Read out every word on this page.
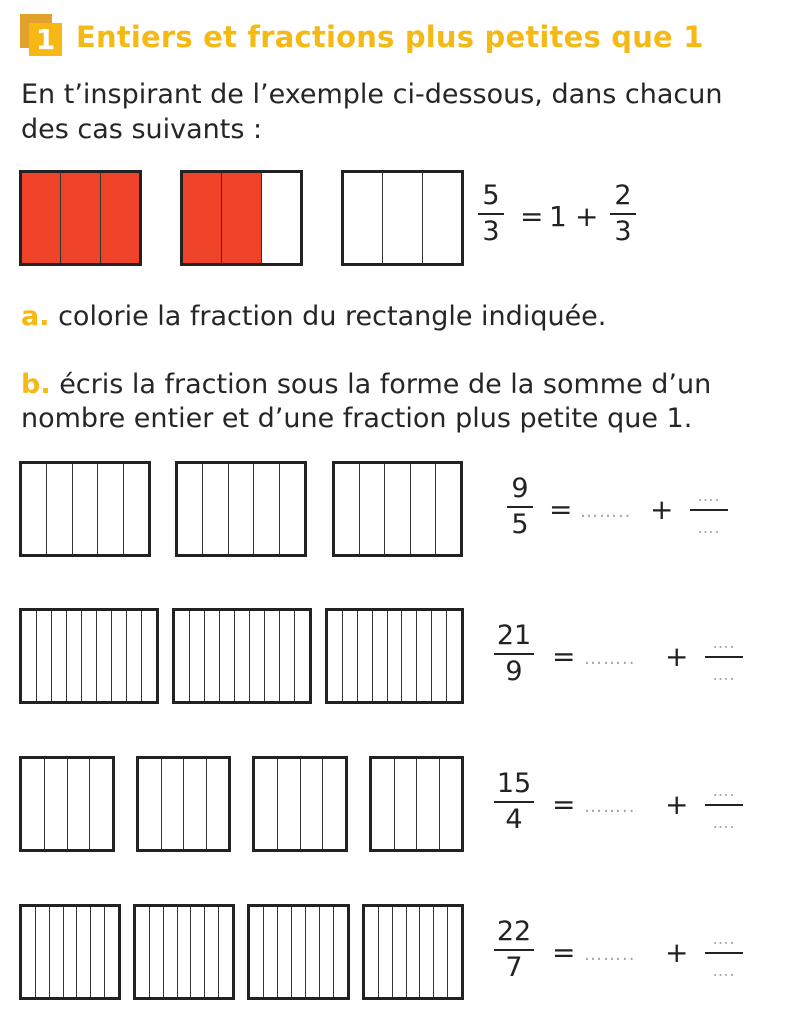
1 Entiers et fractions plus petites que 1
En t’inspirant de l’exemple ci-dessous, dans chacun
des cas suivants :
5
3 = 1 +
2
3
a. colorie la fraction du rectangle indiquée.
b. écris la fraction sous la forme de la somme d’un
nombre entier et d’une fraction plus petite que 1.
9
5 = …….. + ….
….
21
9 = …….. + ….
….
15
4 = …….. + ….
….
22
7 = …….. + ….
….
